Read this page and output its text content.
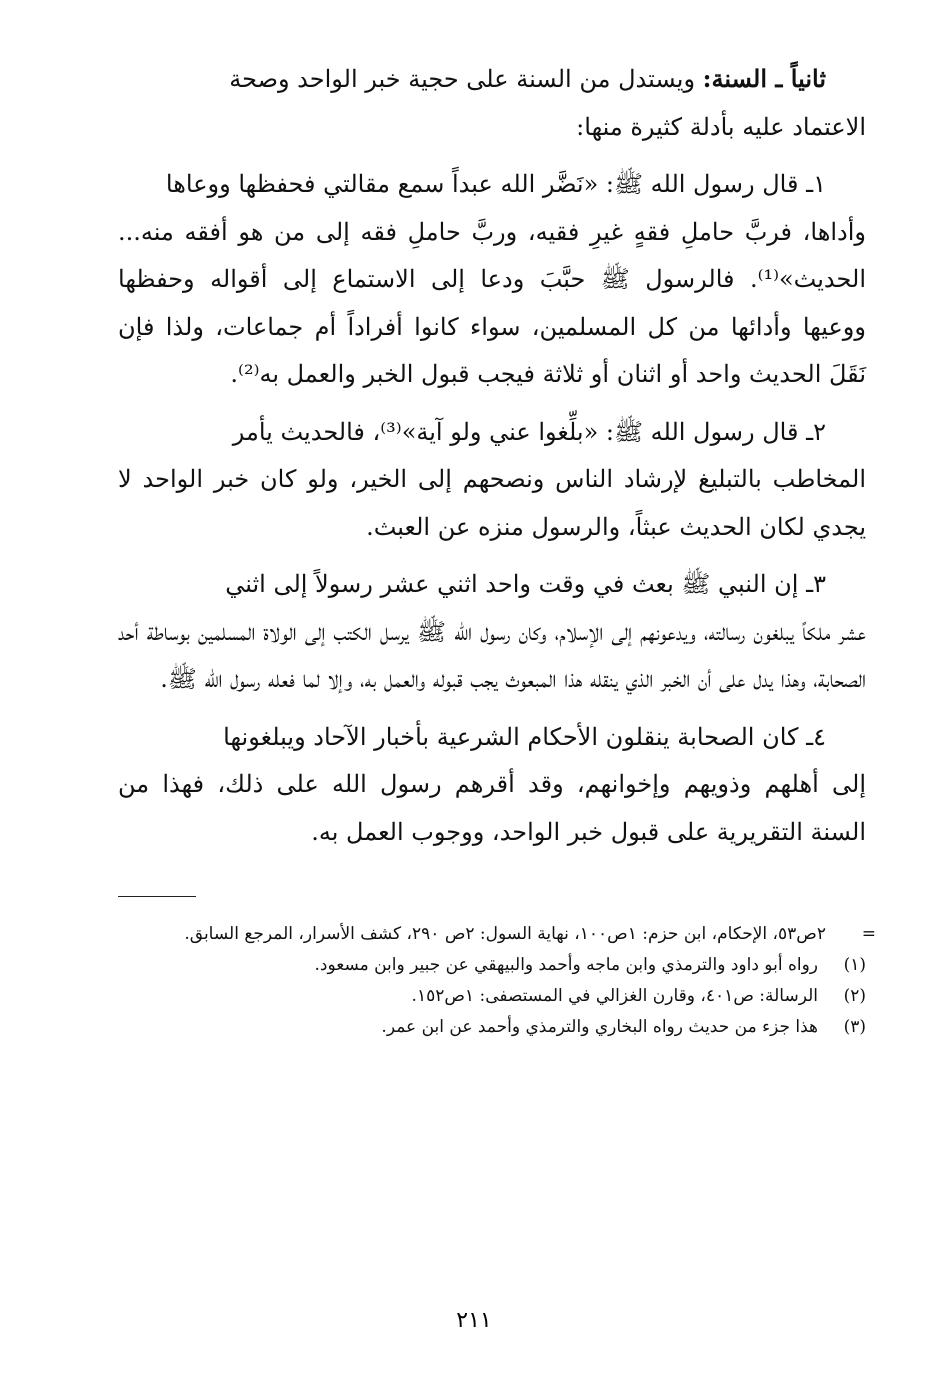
ثانياً ـ السنة: ويستدل من السنة على حجية خبر الواحد وصحة
الاعتماد عليه بأدلة كثيرة منها:

١ـ قال رسول الله ﷺ: «نَضَّر الله عبداً سمع مقالتي فحفظها ووعاها
وأداها، فربَّ حاملِ فقهٍ غيرِ فقيه، وربَّ حاملِ فقه إلى من هو أفقه منه... الحديث»⁽¹⁾. فالرسول ﷺ حبَّبَ ودعا إلى الاستماع إلى أقواله وحفظها ووعيها وأدائها من كل المسلمين، سواء كانوا أفراداً أم جماعات، ولذا فإن نَقَلَ الحديث واحد أو اثنان أو ثلاثة فيجب قبول الخبر والعمل به⁽²⁾.

٢ـ قال رسول الله ﷺ: «بلِّغوا عني ولو آية»⁽³⁾، فالحديث يأمر
المخاطب بالتبليغ لإرشاد الناس ونصحهم إلى الخير، ولو كان خبر الواحد لا يجدي لكان الحديث عبثاً، والرسول منزه عن العبث.

٣ـ إن النبي ﷺ بعث في وقت واحد اثني عشر رسولاً إلى اثني
عشر ملكاً يبلغون رسالته، ويدعونهم إلى الإسلام، وكان رسول الله ﷺ يرسل الكتب إلى الولاة المسلمين بوساطة أحد الصحابة، وهذا يدل على أن الخبر الذي ينقله هذا المبعوث يجب قبوله والعمل به، وإلا لما فعله رسول الله ﷺ.

٤ـ كان الصحابة ينقلون الأحكام الشرعية بأخبار الآحاد ويبلغونها
إلى أهلهم وذويهم وإخوانهم، وقد أقرهم رسول الله على ذلك، فهذا من السنة التقريرية على قبول خبر الواحد، ووجوب العمل به.

=
٢ص٥٣، الإحكام، ابن حزم: ١ص١٠٠، نهاية السول: ٢ص ٢٩٠، كشف الأسرار، المرجع السابق.
(١)
رواه أبو داود والترمذي وابن ماجه وأحمد والبيهقي عن جبير وابن مسعود.
(٢)
الرسالة: ص٤٠١، وقارن الغزالي في المستصفى: ١ص١٥٢.
(٣)
هذا جزء من حديث رواه البخاري والترمذي وأحمد عن ابن عمر.
٢١١
